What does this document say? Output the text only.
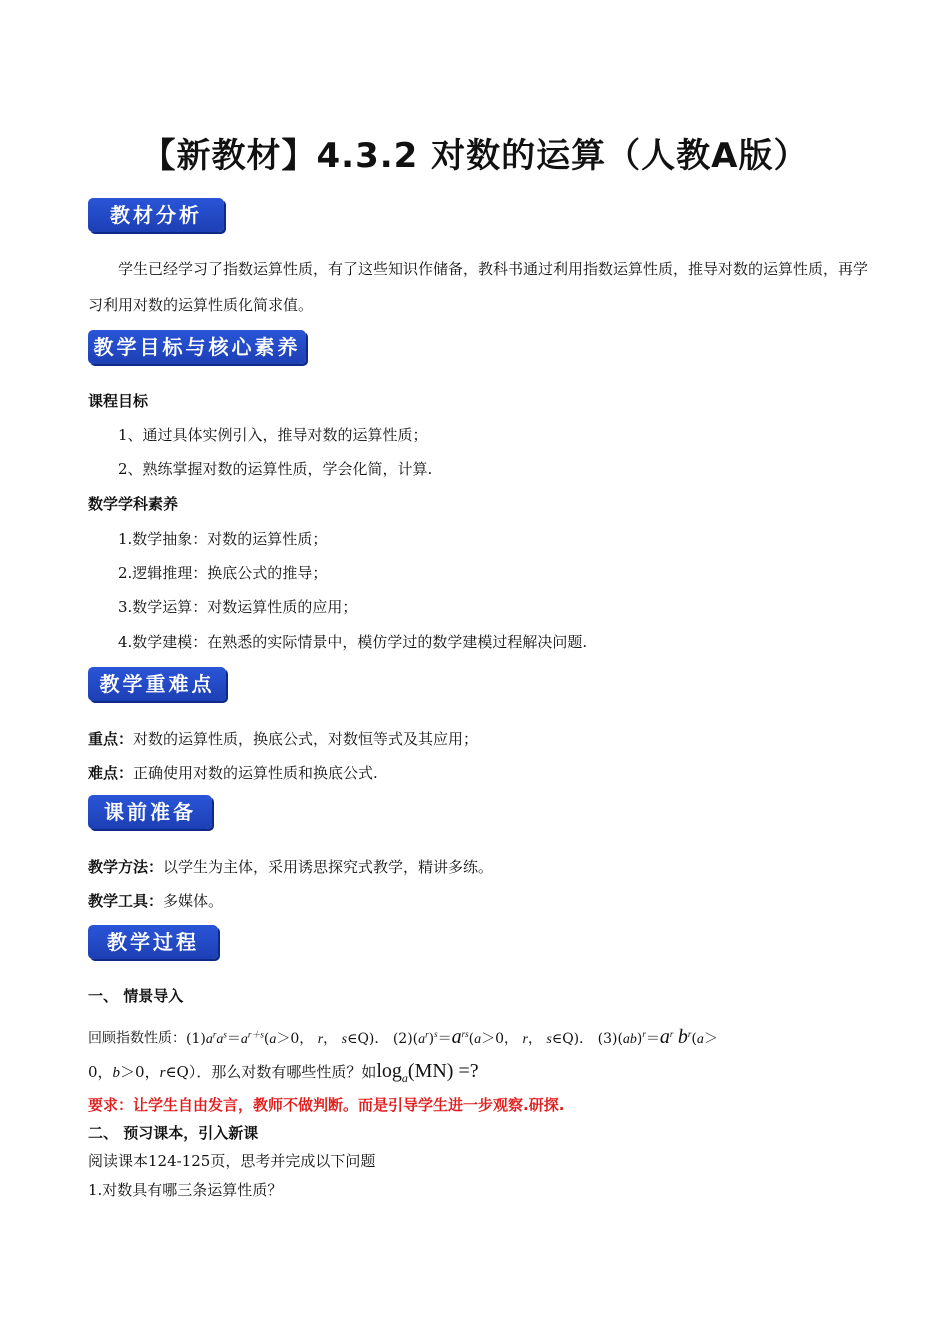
【新教材】4.3.2 对数的运算（人教A版）
教材分析
学生已经学习了指数运算性质，有了这些知识作储备，教科书通过利用指数运算性质，推导对数的运算性质，再学习利用对数的运算性质化简求值。
教学目标与核心素养
课程目标
1、通过具体实例引入，推导对数的运算性质；
2、熟练掌握对数的运算性质，学会化简，计算.
数学学科素养
1.数学抽象：对数的运算性质；
2.逻辑推理：换底公式的推导；
3.数学运算：对数运算性质的应用；
4.数学建模：在熟悉的实际情景中，模仿学过的数学建模过程解决问题.
教学重难点
重点：对数的运算性质，换底公式，对数恒等式及其应用；
难点：正确使用对数的运算性质和换底公式.
课前准备
教学方法：以学生为主体，采用诱思探究式教学，精讲多练。
教学工具：多媒体。
教学过程
一、 情景导入
回顾指数性质：$(1)a^ra^s=a^{r+s}(a>0$， r， s∈Q)． $(2)(a^r)^s=a^{rs}(a>0$， r， s∈Q)． $(3)(ab)^r=a^r$ $b^r(a>$
0，b＞0，r∈Q）．那么对数有哪些性质？如$\log_a(MN)$ =?
要求：让学生自由发言，教师不做判断。而是引导学生进一步观察.研探.
二、 预习课本，引入新课
阅读课本124-125页，思考并完成以下问题
1.对数具有哪三条运算性质？
